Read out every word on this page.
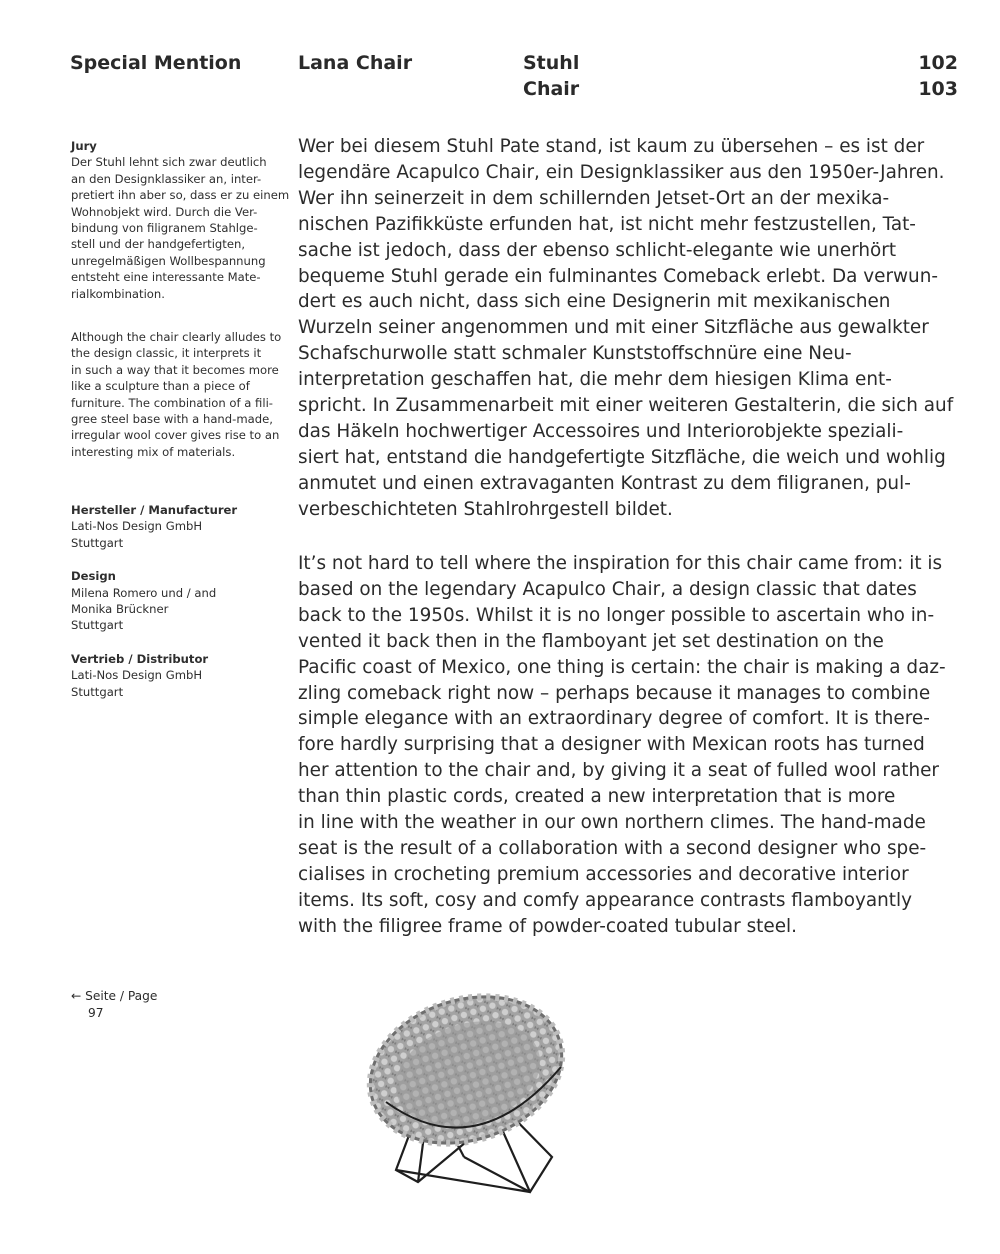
Special Mention	Lana Chair	Stuhl
Chair
102
103
Jury
Der Stuhl lehnt sich zwar deutlich
an den Designklassiker an, inter-
pretiert ihn aber so, dass er zu einem
Wohnobjekt wird. Durch die Ver-
bindung von filigranem Stahlge-
stell und der handgefertigten,
unregelmäßigen Wollbespannung
entsteht eine interessante Mate-
rialkombination.
Although the chair clearly alludes to
the design classic, it interprets it
in such a way that it becomes more
like a sculpture than a piece of
furniture. The combination of a fili-
gree steel base with a hand-made,
irregular wool cover gives rise to an
interesting mix of materials.
Hersteller / Manufacturer
Lati-Nos Design GmbH
Stuttgart
Design
Milena Romero und / and
Monika Brückner
Stuttgart
Vertrieb / Distributor
Lati-Nos Design GmbH
Stuttgart
← Seite / Page
97
Wer bei diesem Stuhl Pate stand, ist kaum zu übersehen – es ist der
legendäre Acapulco Chair, ein Designklassiker aus den 1950er-Jahren.
Wer ihn seinerzeit in dem schillernden Jetset-Ort an der mexika-
nischen Pazifikküste erfunden hat, ist nicht mehr festzustellen, Tat-
sache ist jedoch, dass der ebenso schlicht-elegante wie unerhört
bequeme Stuhl gerade ein fulminantes Comeback erlebt. Da verwun-
dert es auch nicht, dass sich eine Designerin mit mexikanischen
Wurzeln seiner angenommen und mit einer Sitzfläche aus gewalkter
Schafschurwolle statt schmaler Kunststoffschnüre eine Neu-
interpretation geschaffen hat, die mehr dem hiesigen Klima ent-
spricht. In Zusammenarbeit mit einer weiteren Gestalterin, die sich auf
das Häkeln hochwertiger Accessoires und Interiorobjekte speziali-
siert hat, entstand die handgefertigte Sitzfläche, die weich und wohlig
anmutet und einen extravaganten Kontrast zu dem filigranen, pul-
verbeschichteten Stahlrohrgestell bildet.
It’s not hard to tell where the inspiration for this chair came from: it is
based on the legendary Acapulco Chair, a design classic that dates
back to the 1950s. Whilst it is no longer possible to ascertain who in-
vented it back then in the flamboyant jet set destination on the
Pacific coast of Mexico, one thing is certain: the chair is making a daz-
zling comeback right now – perhaps because it manages to combine
simple elegance with an extraordinary degree of comfort. It is there-
fore hardly surprising that a designer with Mexican roots has turned
her attention to the chair and, by giving it a seat of fulled wool rather
than thin plastic cords, created a new interpretation that is more
in line with the weather in our own northern climes. The hand-made
seat is the result of a collaboration with a second designer who spe-
cialises in crocheting premium accessories and decorative interior
items. Its soft, cosy and comfy appearance contrasts flamboyantly
with the filigree frame of powder-coated tubular steel.
